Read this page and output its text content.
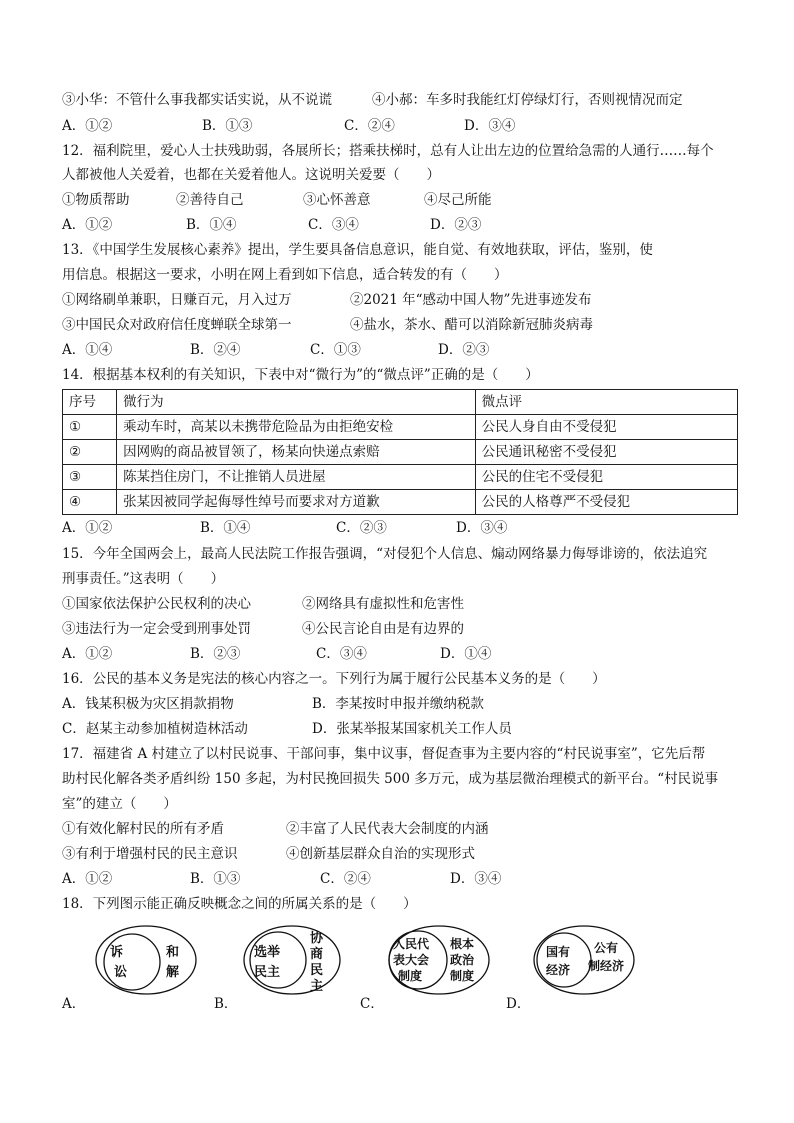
③小华：不管什么事我都实话实说，从不说谎	④小郝：车多时我能红灯停绿灯行，否则视情况而定
A．①②	B．①③	C．②④	D．③④
12．福利院里，爱心人士扶残助弱，各展所长；搭乘扶梯时，总有人让出左边的位置给急需的人通行……每个
人都被他人关爱着，也都在关爱着他人。这说明关爱要（　　）
①物质帮助	②善待自己	③心怀善意	④尽己所能
A．①②	B．①④	C．③④	D．②③
13．《中国学生发展核心素养》提出，学生要具备信息意识，能自觉、有效地获取，评估，鉴别，使
用信息。根据这一要求，小明在网上看到如下信息，适合转发的有（　　）
①网络刷单兼职，日赚百元，月入过万	②2021 年“感动中国人物”先进事迹发布
③中国民众对政府信任度蝉联全球第一	④盐水，茶水、醋可以消除新冠肺炎病毒
A．①④	B．②④	C．①③	D．②③
14．根据基本权利的有关知识，下表中对“微行为”的“微点评”正确的是（　　）
序号	微行为	微点评
①	乘动车时，高某以未携带危险品为由拒绝安检	公民人身自由不受侵犯
②	因网购的商品被冒领了，杨某向快递点索赔	公民通讯秘密不受侵犯
③	陈某挡住房门，不让推销人员进屋	公民的住宅不受侵犯
④	张某因被同学起侮辱性绰号而要求对方道歉	公民的人格尊严不受侵犯
A．①②	B．①④	C．②③	D．③④
15．今年全国两会上，最高人民法院工作报告强调，“对侵犯个人信息、煽动网络暴力侮辱诽谤的，依法追究
刑事责任。”这表明（　　）
①国家依法保护公民权利的决心	②网络具有虚拟性和危害性
③违法行为一定会受到刑事处罚	④公民言论自由是有边界的
A．①②	B．②③	C．③④	D．①④
16．公民的基本义务是宪法的核心内容之一。下列行为属于履行公民基本义务的是（　　）
A．钱某积极为灾区捐款捐物	B．李某按时申报并缴纳税款
C．赵某主动参加植树造林活动	D．张某举报某国家机关工作人员
17．福建省 A 村建立了以村民说事、干部问事，集中议事，督促查事为主要内容的“村民说事室”，它先后帮
助村民化解各类矛盾纠纷 150 多起，为村民挽回损失 500 多万元，成为基层微治理模式的新平台。“村民说事
室”的建立（　　）
①有效化解村民的所有矛盾	②丰富了人民代表大会制度的内涵
③有利于增强村民的民主意识	④创新基层群众自治的实现形式
A．①②	B．①③	C．②④	D．③④
18．下列图示能正确反映概念之间的所属关系的是（　　）
诉
讼
和
解
A．
选举
民主
协
商
民
主
B．
人民代
表大会
制度
根本
政治
制度
C．
国有
经济
公有
制经济
D．
